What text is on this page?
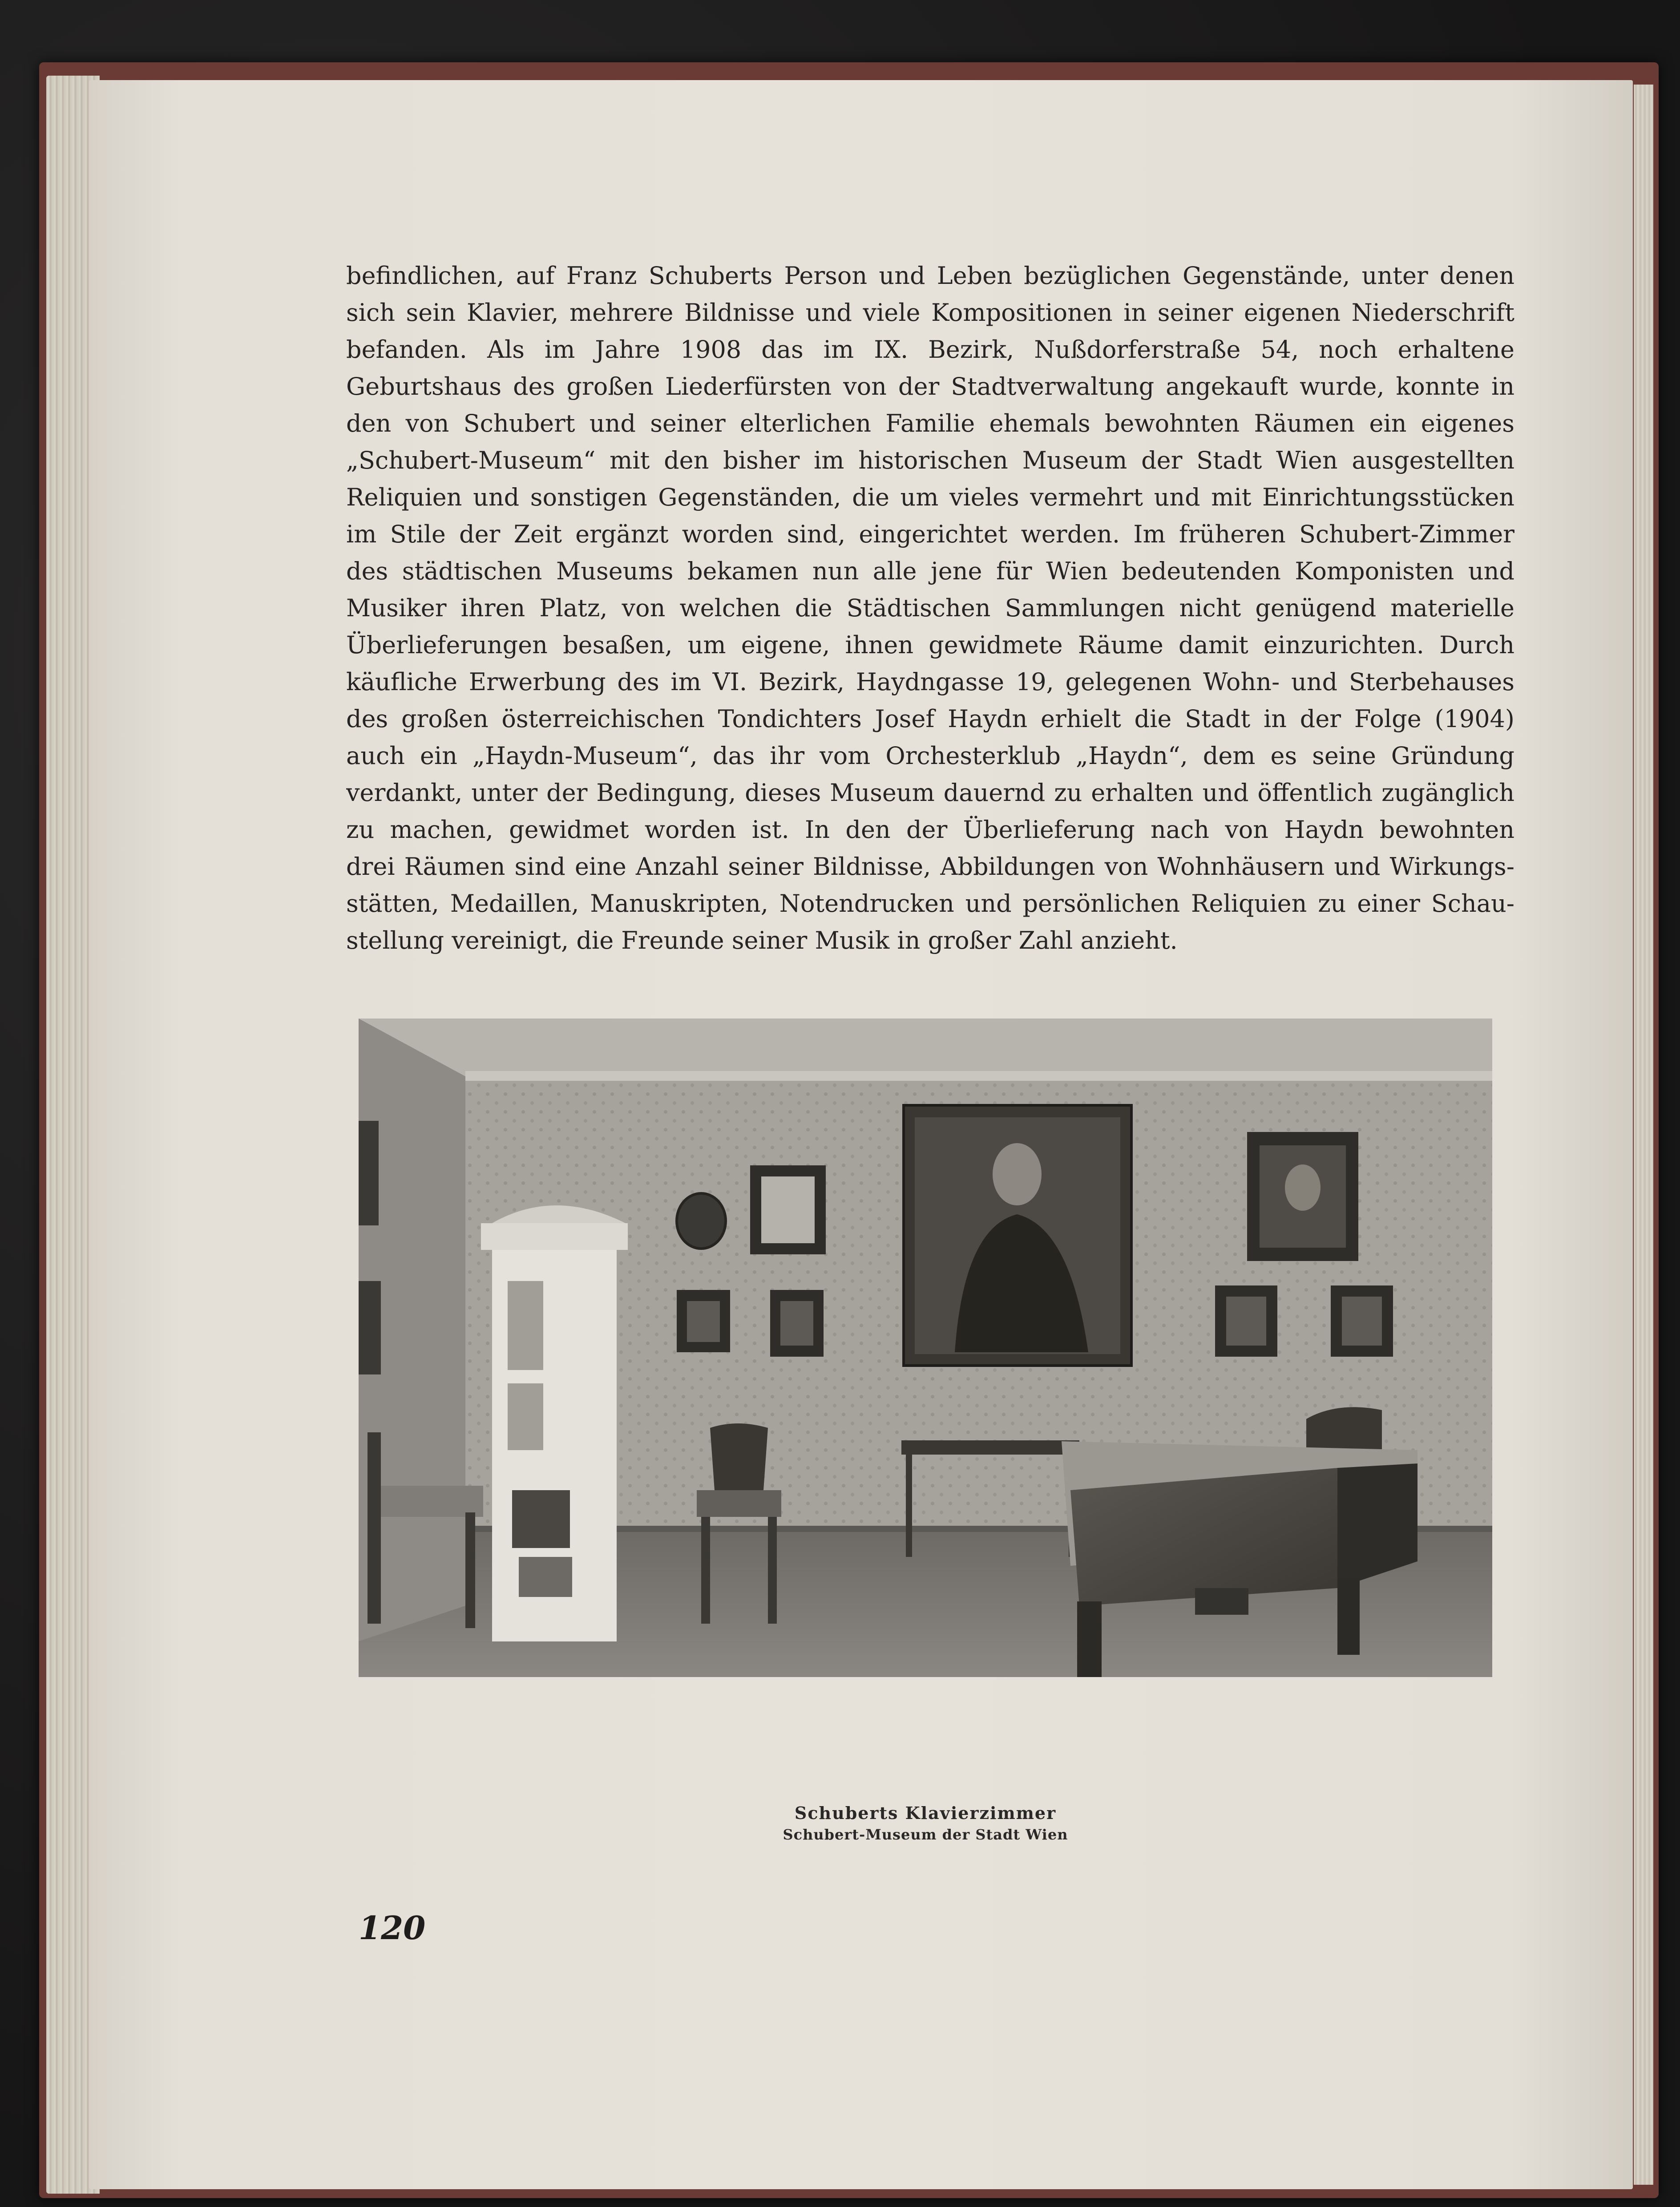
befindlichen, auf Franz Schuberts Person und Leben bezüglichen Gegenstände, unter denen
sich sein Klavier, mehrere Bildnisse und viele Kompositionen in seiner eigenen Niederschrift
befanden. Als im Jahre 1908 das im IX. Bezirk, Nußdorferstraße 54, noch erhaltene
Geburtshaus des großen Liederfürsten von der Stadtverwaltung angekauft wurde, konnte in
den von Schubert und seiner elterlichen Familie ehemals bewohnten Räumen ein eigenes
„Schubert-Museum“ mit den bisher im historischen Museum der Stadt Wien ausgestellten
Reliquien und sonstigen Gegenständen, die um vieles vermehrt und mit Einrichtungsstücken
im Stile der Zeit ergänzt worden sind, eingerichtet werden. Im früheren Schubert-Zimmer
des städtischen Museums bekamen nun alle jene für Wien bedeutenden Komponisten und
Musiker ihren Platz, von welchen die Städtischen Sammlungen nicht genügend materielle
Überlieferungen besaßen, um eigene, ihnen gewidmete Räume damit einzurichten. Durch
käufliche Erwerbung des im VI. Bezirk, Haydngasse 19, gelegenen Wohn- und Sterbehauses
des großen österreichischen Tondichters Josef Haydn erhielt die Stadt in der Folge (1904)
auch ein „Haydn-Museum“, das ihr vom Orchesterklub „Haydn“, dem es seine Gründung
verdankt, unter der Bedingung, dieses Museum dauernd zu erhalten und öffentlich zugänglich
zu machen, gewidmet worden ist. In den der Überlieferung nach von Haydn bewohnten
drei Räumen sind eine Anzahl seiner Bildnisse, Abbildungen von Wohnhäusern und Wirkungs-
stätten, Medaillen, Manuskripten, Notendrucken und persönlichen Reliquien zu einer Schau-
stellung vereinigt, die Freunde seiner Musik in großer Zahl anzieht.

Schuberts Klavierzimmer
Schubert-Museum der Stadt Wien
120
